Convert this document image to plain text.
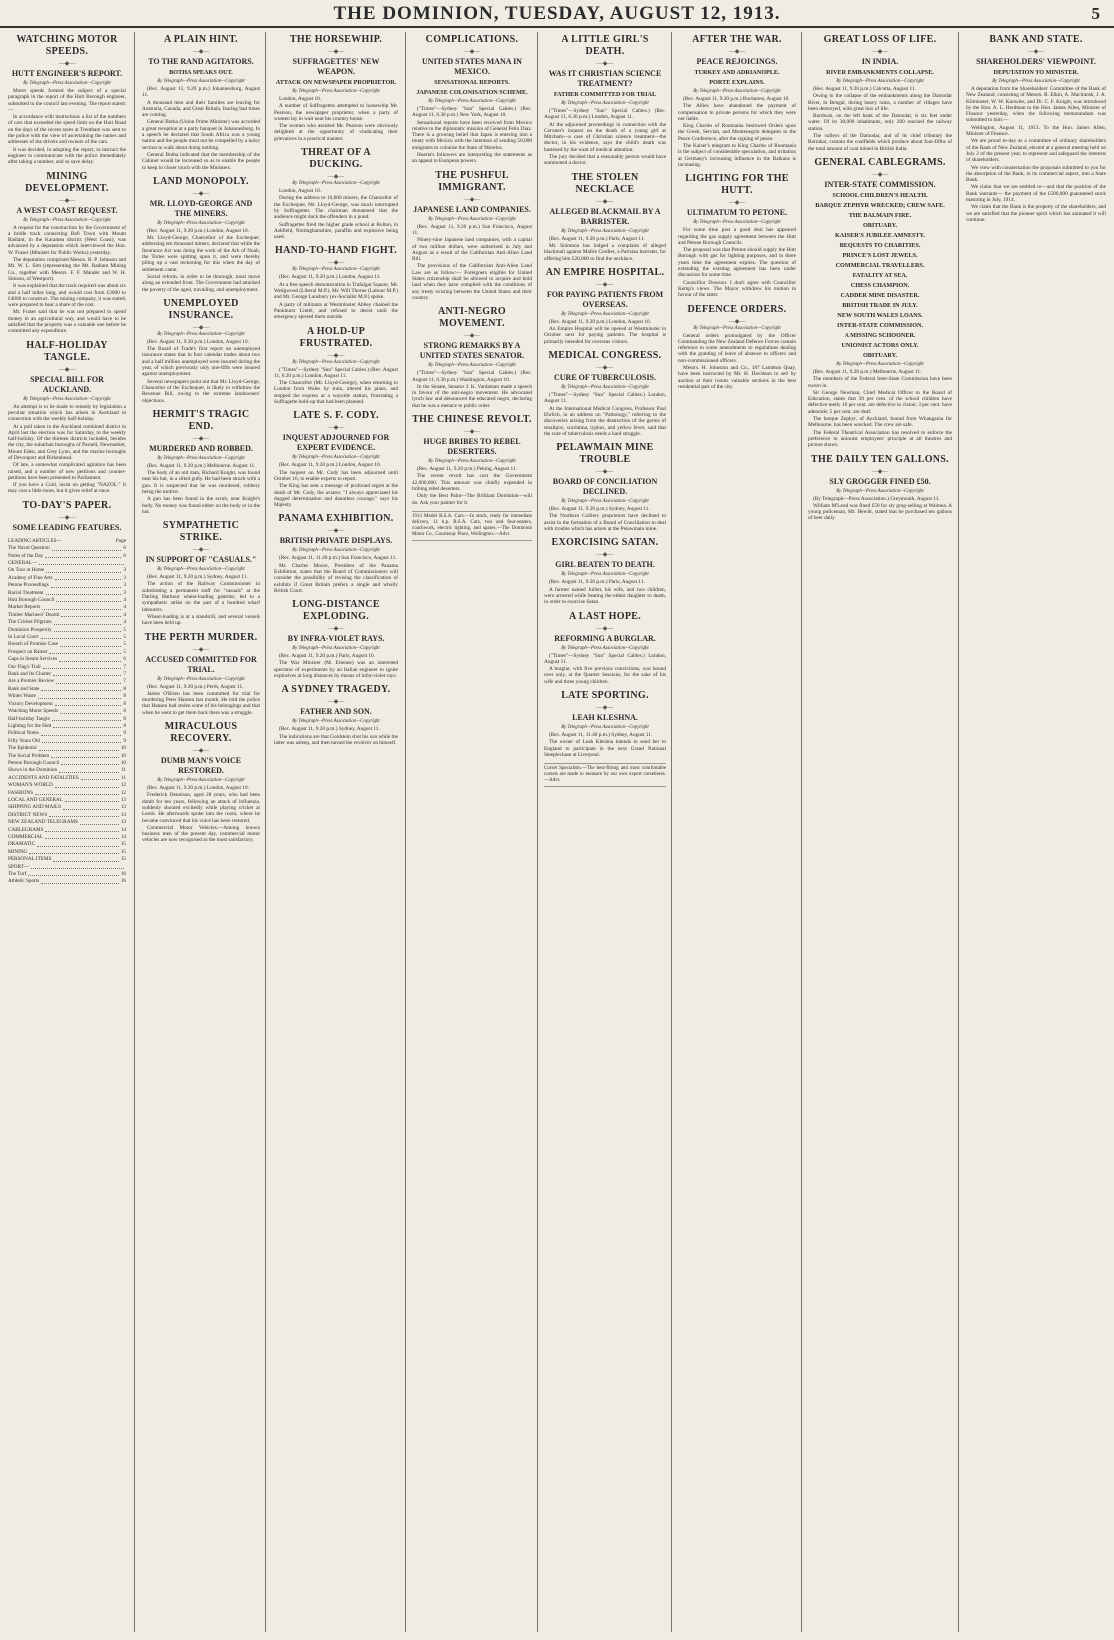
THE DOMINION, TUESDAY, AUGUST 12, 1913.	5
WATCHING MOTOR SPEEDS.
—◆—
HUTT ENGINEER'S REPORT.
By Telegraph—Press Association—Copyright

Motor speeds formed the subject of a special paragraph in the report of the Hutt Borough engineer, submitted to the council last evening. The report stated:—

In accordance with instructions a list of the numbers of cars that exceeded the speed limit on the Hutt Road on the days of the recent races at Trentham was sent to the police with the view of ascertaining the names and addresses of the drivers and owners of the cars.

It was decided, in adopting the report, to instruct the engineer to communicate with the police immediately after taking a number, and so save delay.

MINING DEVELOPMENT.
—◆—
A WEST COAST REQUEST.
By Telegraph—Press Association—Copyright

A request for the construction by the Government of a bridle track connecting Bell Town with Mount Radiant, in the Karamea district (West Coast), was advanced by a deputation which interviewed the Hon. W. Fraser (Minister for Public Works) yesterday.

The deputation comprised Messrs. R. P. Johnson and Mr. W. L. Sim (representing the Mt. Radiant Mining Co., together with Messrs. F. F. Mander and W. H. Simson, of Westport).

It was explained that the track required was about six and a half miles long, and would cost from £3000 to £4000 to construct. The mining company, it was stated, were prepared to bear a share of the cost.

Mr. Fraser said that he was not prepared to spend money in an agricultural way, and would have to be satisfied that the property was a valuable one before he committed any expenditure.

HALF-HOLIDAY TANGLE.
—◆—
SPECIAL BILL FOR AUCKLAND.
By Telegraph—Press Association—Copyright

An attempt is to be made to remedy by legislation a peculiar situation which has arisen in Auckland in connection with the weekly half-holiday.

At a poll taken in the Auckland combined district in April last the election was for Saturday, to the weekly half-holiday. Of the thirteen districts included, besides the city, the suburban boroughs of Parnell, Newmarket, Mount Eden, and Grey Lynn, and the marine boroughs of Devonport and Birkenhead.

Of late, a somewhat complicated agitation has been raised, and a number of new petitions and counter-petitions have been presented to Parliament.

If you have a Cold, insist on getting "NAZOL." It may cost a little more, but it gives relief at once.

TO-DAY'S PAPER.
—◆—
SOME LEADING FEATURES.
LEADING ARTICLES—	Page
The Naval Question	6
Notes of the Day	6
GENERAL—
On Tour at Home	3
Acadeny of Fine Arts	3
Petone Proceedings	3
Racial Treatment	3
Hutt Borough Council	4
Market Reports	4
Timber Mariners' Dearth	4
The Cricket Pilgrims	4
Dominion Prosperity	5
In Local Court	5
Breach of Promise Case	5
Prospect on Rainer	5
Gaps in Steam Services	6
Our Flag's Trail	7
Bank and Its Charter	7
Are a Premier Review	7
Bank and State	8
Winter Waste	8
Victory Development	8
Watching Motor Speeds	8
Half-holiday Tangle	8
Lighting for the Hutt	8
Political Notes	9
Fifty Years Old	9
The Epidemic	10
The Social Problem	10
Petone Borough Council	10
Shows in the Dominion	11
ACCIDENTS AND FATALITIES	11
WOMAN'S WORLD	12
FASHIONS	12
LOCAL AND GENERAL	13
SHIPPING AND MAILS	13
DISTRICT NEWS	13
NEW ZEALAND TELEGRAMS	13
CABLEGRAMS	14
COMMERCIAL	14
DRAMATIC	15
MINING	15
PERSONAL ITEMS	15
SPORT—
The Turf	16
Athletic Sports	16
A PLAIN HINT.
—◆—
TO THE RAND AGITATORS.
BOTHA SPEAKS OUT.
By Telegraph—Press Association—Copyright

(Rec. August 11, 9.20 p.m.) Johannesburg, August 11.

A thousand men and their families are leaving for Australia, Canada, and Great Britain, fearing bad times are coming.

General Botha (Union Prime Minister) was accorded a great reception at a party banquet in Johannesburg. In a speech he declared that South Africa was a young nation and the people must not be compelled by a noisy section to walk about doing nothing.

General Botha indicated that the membership of the Cabinet would be increased so as to enable the people to keep in closer touch with the Ministers.

LAND MONOPOLY.
—◆—
MR. LLOYD-GEORGE AND THE MINERS.
By Telegraph—Press Association—Copyright

(Rec. August 11, 9.20 p.m.) London, August 10.

Mr. Lloyd-George, Chancellor of the Exchequer, addressing ten thousand miners, declared that while the Insurance Act was doing the work of the Ark of Noah, the Tories were spitting upon it, and were thereby piling up a vast reckoning for this when the day of settlement came.

Social reform, in order to be thorough, must move along an extended front. The Government had attacked the poverty of the aged, travailing, and unemployment.

UNEMPLOYED INSURANCE.
—◆—
By Telegraph—Press Association—Copyright

(Rec. August 11, 9.20 p.m.) London, August 10.

The Board of Trade's first report on unemployed insurance states that in four calendar trades about two and a half million unemployed were insured during the year, of which previously only one-fifth were insured against unemployment.

Several newspapers point out that Mr. Lloyd-George, Chancellor of the Exchequer, is likely to withdraw the Revenue Bill, owing to the extreme landowners' objections.

HERMIT'S TRAGIC END.
—◆—
MURDERED AND ROBBED.
By Telegraph—Press Association—Copyright

(Rec. August 11, 9.20 p.m.) Melbourne, August 11.

The body of an old man, Richard Knight, was found near his hut, in a silted gully. He had been struck with a gun. It is suspected that he was murdered, robbery being the motive.

A gun has been found in the scrub, near Knight's body. No money was found either on the body or in the hut.

SYMPATHETIC STRIKE.
—◆—
IN SUPPORT OF "CASUALS."
By Telegraph—Press Association—Copyright

(Rec. August 11, 9.20 p.m.) Sydney, August 11.

The action of the Railway Commissioner in substituting a permanent staff for "casuals" at the Darling Harbour wheat-loading gantries, led to a sympathetic strike on the part of a hundred wharf labourers.

Wheat-loading is at a standstill, and several vessels have been held up.

THE PERTH MURDER.
—◆—
ACCUSED COMMITTED FOR TRIAL.
By Telegraph—Press Association—Copyright

(Rec. August 11, 9.20 p.m.) Perth, August 11.

James O'Brien has been committed for trial for murdering Peter Hansen last month. He told the police that Hansen had stolen some of his belongings and that when he went to get them back there was a struggle.

MIRACULOUS RECOVERY.
—◆—
DUMB MAN'S VOICE RESTORED.
By Telegraph—Press Association—Copyright

(Rec. August 11, 9.20 p.m.) London, August 10.

Frederick Dennison, aged 28 years, who had been dumb for ten years, following an attack of influenza, suddenly shouted excitedly while playing cricket at Leeds. He afterwards spoke into the room, where he became convinced that his voice has been restored.

Commercial Motor Vehicles.—Among known business men of the present day, commercial motor vehicles are now recognised as the most satisfactory.

THE HORSEWHIP.
—◆—
SUFFRAGETTES' NEW WEAPON.
ATTACK ON NEWSPAPER PROPRIETOR.
By Telegraph—Press Association—Copyright

London, August 10.

A number of Suffragettes attempted to horsewhip Mr. Pearson, the newspaper proprietor, when a party of women lay in wait near his country house.

The women who assisted Mr. Pearson were obviously delighted at the opportunity of vindicating their grievances in a practical manner.

THREAT OF A DUCKING.
—◆—
By Telegraph—Press Association—Copyright

London, August 10.

During the address to 10,000 miners, the Chancellor of the Exchequer, Mr. Lloyd-George, was much interrupted by Suffragettes. The chairman threatened that the audience might duck the offenders in a pond.

Suffragettes fired the higher grade school at Bolton, in Ashfield, Nottinghamshire, paraffin and explosive being used.

HAND-TO-HAND FIGHT.
—◆—
By Telegraph—Press Association—Copyright

(Rec. August 11, 9.20 p.m.) London, August 11.

At a free speech demonstration in Trafalgar Square, Mr. Wedgwood (Liberal M.P.), Mr. Will Thorne (Labour M.P.) and Mr. George Lansbury (ex-Socialist M.P.) spoke.

A party of militants at Westminster Abbey chained the Pankhurst Lintel, and refused to desist until the emergency ejected them outside.

A HOLD-UP FRUSTRATED.
—◆—
By Telegraph—Press Association—Copyright

("Times"—Sydney "Sun" Special Cables.) (Rec. August 11, 6.20 p.m.) London, August 11.

The Chancellor (Mr. Lloyd-George), when returning to London from Wales by train, altered his plans, and stopped the express at a wayside station, frustrating a Suffragette hold-up that had been planned.

LATE S. F. CODY.
—◆—
INQUEST ADJOURNED FOR EXPERT EVIDENCE.
By Telegraph—Press Association—Copyright

(Rec. August 11, 9.20 p.m.) London, August 10.

The inquest on Mr. Cody has been adjourned until October 16, to enable experts to report.

The King has sent a message of profound regret at the death of Mr. Cody, the aviator. "I always appreciated his dogged determination and dauntless courage," says his Majesty.

PANAMA EXHIBITION.
—◆—
BRITISH PRIVATE DISPLAYS.
By Telegraph—Press Association—Copyright

(Rec. August 11, 11.40 p.m.) San Francisco, August 11.

Mr. Charles Moore, President of the Panama Exhibition, states that the Board of Commissioners will consider the possibility of revising the classification of exhibits if Great Britain prefers a single and wholly British Court.

LONG-DISTANCE EXPLODING.
—◆—
BY INFRA-VIOLET RAYS.
By Telegraph—Press Association—Copyright

(Rec. August 11, 9.20 p.m.) Paris, August 10.

The War Minister (M. Etienne) was an interested spectator of experiments by an Italian engineer to ignite explosives at long distances by means of infra-violet rays.

A SYDNEY TRAGEDY.
—◆—
FATHER AND SON.
By Telegraph—Press Association—Copyright

(Rec. August 11, 9.20 p.m.) Sydney, August 11.

The indications are that Goldstein shot his son while the latter was asleep, and then turned the revolver on himself.

COMPLICATIONS.
—◆—
UNITED STATES MANA IN MEXICO.
SENSATIONAL REPORTS.
JAPANESE COLONISATION SCHEME.
By Telegraph—Press Association—Copyright

("Times"—Sydney "Sun" Special Cables.) (Rec. August 11, 6.30 p.m.) New York, August 10.

Sensational reports have been received from Mexico relative to the diplomatic mission of General Felix Diaz. There is a growing belief that Japan is entering into a treaty with Mexico with the intention of sending 50,000 emigrants to colonise the State of Morelos.

Huerta's followers are interpreting the statements as an appeal to European powers.

THE PUSHFUL IMMIGRANT.
—◆—
JAPANESE LAND COMPANIES.
By Telegraph—Press Association—Copyright

(Rec. August 11, 9.20 p.m.) San Francisco, August 11.

Ninety-nine Japanese land companies, with a capital of two million dollars, were authorised in July and August as a result of the Californian Anti-Alien Land Bill.

The provisions of the Californian Anti-Alien Land Law are as follow:— Foreigners eligible for United States citizenship shall be allowed to acquire and hold land when they have complied with the conditions of any treaty existing between the United States and their country.

ANTI-NEGRO MOVEMENT.
—◆—
STRONG REMARKS BY A UNITED STATES SENATOR.
By Telegraph—Press Association—Copyright

("Times"—Sydney "Sun" Special Cables.) (Rec. August 11, 6.30 p.m.) Washington, August 10.

In the Senate, Senator J. K. Vardaman made a speech in favour of the anti-negro movement. He advocated lynch law and denounced the educated negro, declaring that he was a menace to public order.

THE CHINESE REVOLT.
—◆—
HUGE BRIBES TO REBEL DESERTERS.
By Telegraph—Press Association—Copyright

(Rec. August 11, 9.20 p.m.) Peking, August 11.

The recent revolt has cost the Government 42,000,000. This amount was chiefly expended in bribing rebel deserters.

Only the Best Paint—The Brilliant Dominion—will do. Ask your painter for it.

1913 Model B.S.A. Cars.—In stock, ready for immediate delivery, 11 h.p. B.S.A. Cars, two and four-seaters, coachwork, electric lighting, and spares.—The Dominion Motor Co., Courtenay Place, Wellington.—Advt.
A LITTLE GIRL'S DEATH.
—◆—
WAS IT CHRISTIAN SCIENCE TREATMENT?
FATHER COMMITTED FOR TRIAL
By Telegraph—Press Association—Copyright

("Times"—Sydney "Sun" Special Cables.) (Rec. August 11, 6.30 p.m.) London, August 11.

At the adjourned proceedings in connection with the Coroner's inquest on the death of a young girl at Mitcham—a case of Christian science treatment—the doctor, in his evidence, says the child's death was hastened by the want of medical attention.

The jury decided that a reasonably person would have summoned a doctor.

THE STOLEN NECKLACE
—◆—
ALLEGED BLACKMAIL BY A BARRISTER.
By Telegraph—Press Association—Copyright

(Rec. August 11, 9.20 p.m.) Paris, August 11.

Mr. Solomon has lodged a complaint of alleged blackmail against Maître Cordier, a Parisian barrister, for offering him £20,000 to find the necklace.

AN EMPIRE HOSPITAL.
—◆—
FOR PAYING PATIENTS FROM OVERSEAS.
By Telegraph—Press Association—Copyright

(Rec. August 11, 9.20 p.m.) London, August 10.

An Empire Hospital will be opened at Westminster in October next for paying patients. The hospital is primarily intended for overseas visitors.

MEDICAL CONGRESS.
—◆—
CURE OF TUBERCULOSIS.
By Telegraph—Press Association—Copyright

("Times"—Sydney "Sun" Special Cables.) London, August 11.

At the International Medical Congress, Professor Paul Ehrlich, in an address on "Pathology," referring to the discoveries arising from the destruction of the germs of smallpox, scarlatina, typhus, and yellow fever, said that the cure of tuberculosis needs a hard struggle.

PELAWMAIN MINE TROUBLE
—◆—
BOARD OF CONCILIATION DECLINED.
By Telegraph—Press Association—Copyright

(Rec. August 11, 9.20 p.m.) Sydney, August 11.

The Northern Colliery proprietors have declined to assist in the formation of a Board of Conciliation to deal with trouble which has arisen at the Pelawmain mine.

EXORCISING SATAN.
—◆—
GIRL BEATEN TO DEATH.
By Telegraph—Press Association—Copyright

(Rec. August 11, 9.20 p.m.) Paris, August 11.

A farmer named Julliet, his wife, and two children, were arrested while beating the eldest daughter to death, in order to exorcise Satan.

A LAST HOPE.
—◆—
REFORMING A BURGLAR.
By Telegraph—Press Association—Copyright

("Times"—Sydney "Sun" Special Cables.) London, August 11.

A burglar, with five previous convictions, was bound over only, at the Quarter Sessions, for the sake of his wife and three young children.

LATE SPORTING.
—◆—
LEAH KLESHNA.
By Telegraph—Press Association—Copyright

(Rec. August 11, 11.40 p.m.) Sydney, August 11.

The owner of Leah Kleshna intends to send her to England to participate in the next Grand National Steeplechase at Liverpool.

Corset Specialists.—The best-fitting and most comfortable corsets are made to measure by our own expert corsetieres.—Advt.
AFTER THE WAR.
—◆—
PEACE REJOICINGS.
TURKEY AND ADRIANOPLE.
PORTE EXPLAINS.
By Telegraph—Press Association—Copyright

(Rec. August 11, 9.20 p.m.) Bucharest, August 10.

The Allies have abandoned the payment of compensation to private persons for which they were not liable.

King Charles of Roumania bestowed Orders upon the Greek, Servian, and Montenegrin delegates to the Peace Conference, after the signing of peace.

The Kaiser's telegram to King Charles of Roumania is the subject of considerable speculation, and irritation at Germany's increasing influence in the Balkans is increasing.

LIGHTING FOR THE HUTT.
—◆—
ULTIMATUM TO PETONE.
By Telegraph—Press Association—Copyright

For some time past a good deal has appeared regarding the gas supply agreement between the Hutt and Petone Borough Councils.

The proposal was that Petone should supply the Hutt Borough with gas for lighting purposes, and in three years time the agreement expires. The question of extending the existing agreement has been under discussion for some time.

Councillor Dowson: I don't agree with Councillor Kemp's views. The Mayor withdrew his motion in favour of the latter.

DEFENCE ORDERS.
—◆—
By Telegraph—Press Association—Copyright

General orders promulgated by the Officer Commanding the New Zealand Defence Forces contain reference to some amendments to regulations dealing with the granting of leave of absence to officers and non-commissioned officers.

Messrs. H. Johnston and Co., 187 Lambton Quay, have been instructed by Mr. H. Davidson to sell by auction at their rooms valuable sections in the best residential part of the city.

GREAT LOSS OF LIFE.
—◆—
IN INDIA.
RIVER EMBANKMENTS COLLAPSE.
By Telegraph—Press Association—Copyright

(Rec. August 11, 9.20 p.m.) Calcutta, August 11.

Owing to the collapse of the embankments along the Damodar River, in Bengal, during heavy rains, a number of villages have been destroyed, with great loss of life.

Burdwan, on the left bank of the Damodar, is six feet under water. Of its 30,000 inhabitants, only 200 reached the railway station.

The valleys of the Damodar, and of its chief tributary the Barrakar, contain the coalfields which produce about four-fifths of the total amount of coal mined in British India.

GENERAL CABLEGRAMS.
—◆—
INTER-STATE COMMISSION.
SCHOOL CHILDREN'S HEALTH.
BARQUE ZEPHYR WRECKED; CREW SAFE.
THE BALMAIN FIRE.
OBITUARY.
KAISER'S JUBILEE AMNESTY.
BEQUESTS TO CHARITIES.
PRINCE'S LOST JEWELS.
COMMERCIAL TRAVELLERS.
FATALITY AT SEA.
CHESS CHAMPION.
CADDER MINE DISASTER.
BRITISH TRADE IN JULY.
NEW SOUTH WALES LOANS.
INTER-STATE COMMISSION.
A MISSING SCHOONER.
UNIONIST ACTORS ONLY.
OBITUARY.
By Telegraph—Press Association—Copyright

(Rec. August 11, 9.20 p.m.) Melbourne, August 11.

The members of the Federal Inter-State Commission have been sworn in.

Sir George Newman, Chief Medical Officer to the Board of Education, states that 30 per cent. of the school children have defective teeth; 10 per cent. are defective in vision; 3 per cent. have adenoids; 5 per cent. are deaf.

The barque Zephyr, of Auckland, bound from Whangaroa for Melbourne, has been wrecked. The crew are safe.

The Federal Theatrical Association has resolved to enforce the preference to unionist employees' principle at all theatres and picture shows.

THE DAILY TEN GALLONS.
—◆—
SLY GROGGER FINED £50.
By Telegraph—Press Association—Copyright

(By Telegraph—Press Association.) Greymouth, August 11.

William M'Leod was fined £50 for sly grog-selling at Waimea. A young policeman, Mr. Hewitt, stated that he purchased ten gallons of beer daily.

BANK AND STATE.
—◆—
SHAREHOLDERS' VIEWPOINT.
DEPUTATION TO MINISTER.
By Telegraph—Press Association—Copyright

A deputation from the Shareholders' Committee of the Bank of New Zealand, consisting of Messrs. R. Elkin, A. Macintosh, J. A. Kilminster, W. W. Knowles, and Dr. C. F. Knight, was introduced by the Hon. A. L. Herdman to the Hon. James Allen, Minister of Finance yesterday, when the following memorandum was submitted to him:—

Wellington, August 11, 1913. To the Hon. James Allen, Minister of Finance.

We are proud to-day as a committee of ordinary shareholders of the Bank of New Zealand, elected at a general meeting held on July 2 of the present year, to represent and safeguard the interests of shareholders.

We view with consternation the proposals submitted to you for the absorption of the Bank, in its commercial aspect, into a State Bank.

We claim that we are entitled to—and that the position of the Bank warrants— the payment of the £500,000 guaranteed stock maturing in July, 1914.

We claim that the Bank is the property of the shareholders, and we are satisfied that the pioneer spirit which has animated it will continue.
